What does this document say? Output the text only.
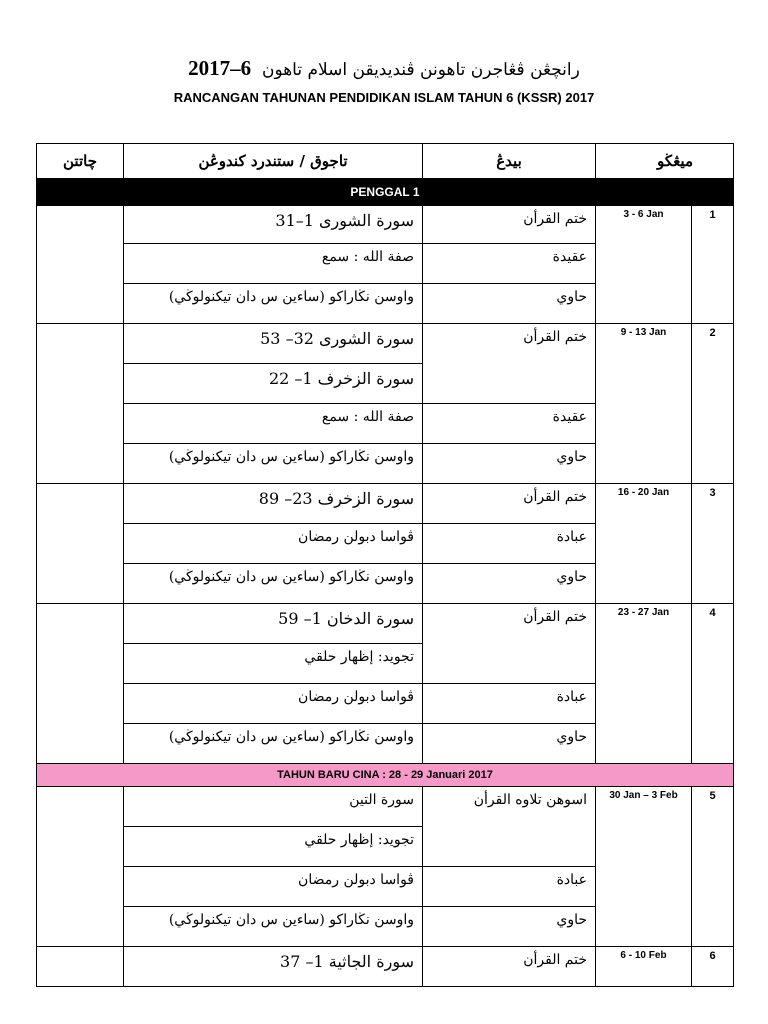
رانچڠن ڤڠاجرن تاهونن ڤنديديقن اسلام تاهون  6–2017
RANCANGAN TAHUNAN PENDIDIKAN ISLAM TAHUN 6 (KSSR) 2017
چاتتن	تاجوق / ستندرد كندوڠن	بيدڠ	ميڠڬو	
PENGGAL 1				
	سورة الشورى 1–31	ختم القرأن	3 - 6 Jan	1
	صفة الله : سمع	عقيدة		
	واوسن نڬاراكو (ساءين س دان تيكنولوڬي)	حاوي		
	سورة الشورى 32– 53	ختم القرأن	9 - 13 Jan	2
	سورة الزخرف 1– 22			
	صفة الله : سمع	عقيدة		
	واوسن نڬاراكو (ساءين س دان تيكنولوڬي)	حاوي		
	سورة الزخرف 23– 89	ختم القرأن	16 - 20 Jan	3
	ڤواسا دبولن رمضان	عبادة		
	واوسن نڬاراكو (ساءين س دان تيكنولوڬي)	حاوي		
	سورة الدخان 1– 59	ختم القرأن	23 - 27 Jan	4
	تجويد: إظهار حلقي			
	ڤواسا دبولن رمضان	عبادة		
	واوسن نڬاراكو (ساءين س دان تيكنولوڬي)	حاوي		
TAHUN BARU CINA : 28 - 29 Januari 2017				
	سورة التين	اسوهن تلاوه القرأن	30 Jan – 3 Feb	5
	تجويد: إظهار حلقي			
	ڤواسا دبولن رمضان	عبادة		
	واوسن نڬاراكو (ساءين س دان تيكنولوڬي)	حاوي		
	سورة الجاثية 1– 37	ختم القرأن	6 - 10 Feb	6
